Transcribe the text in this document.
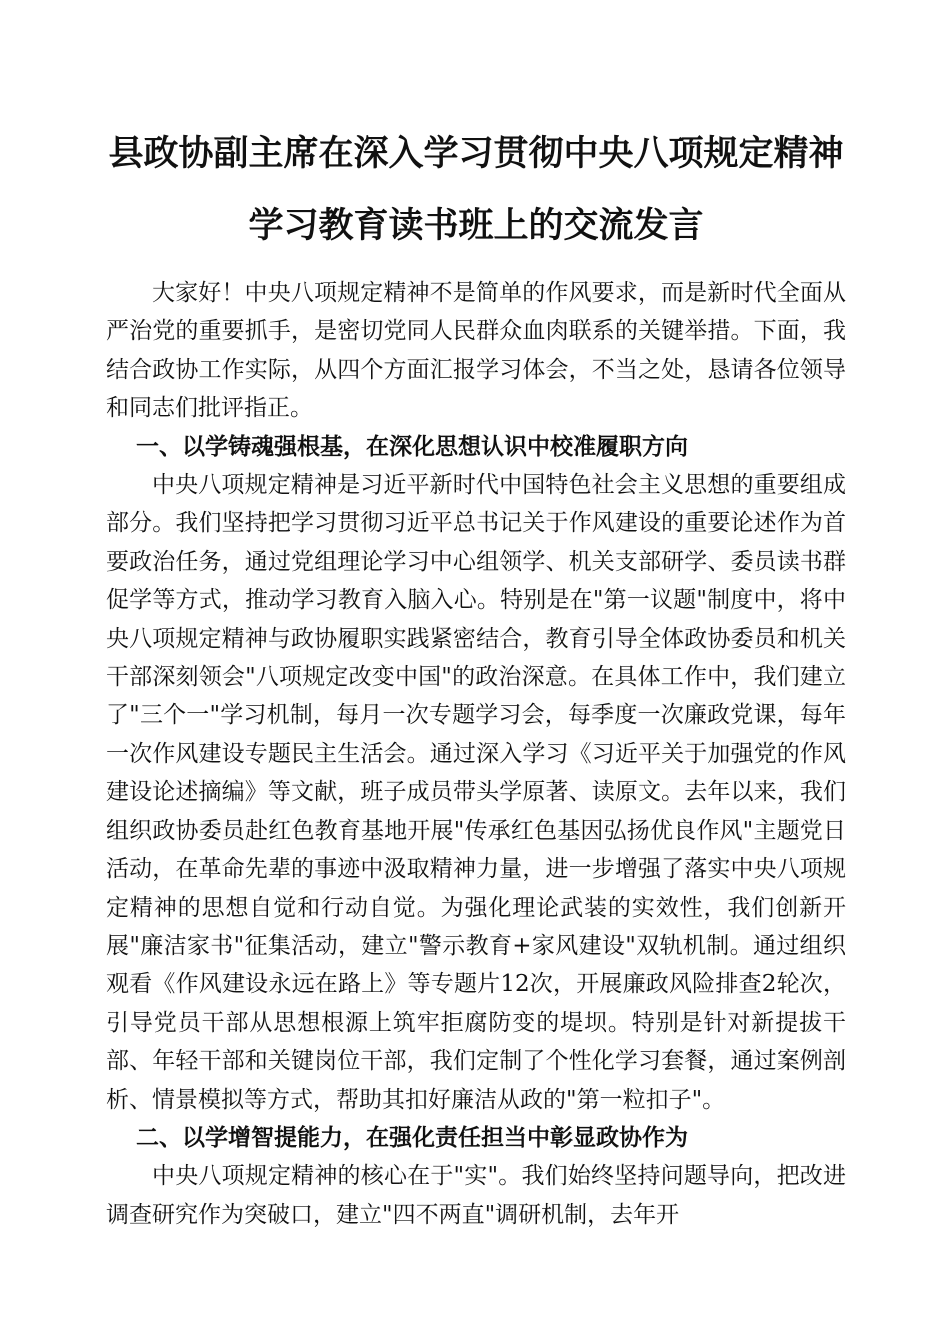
县政协副主席在深入学习贯彻中央八项规定精神
学习教育读书班上的交流发言

大家好！中央八项规定精神不是简单的作风要求，而是新时代全面从严治党的重要抓手，是密切党同人民群众血肉联系的关键举措。下面，我结合政协工作实际，从四个方面汇报学习体会，不当之处，恳请各位领导和同志们批评指正。

一、以学铸魂强根基，在深化思想认识中校准履职方向

中央八项规定精神是习近平新时代中国特色社会主义思想的重要组成部分。我们坚持把学习贯彻习近平总书记关于作风建设的重要论述作为首要政治任务，通过党组理论学习中心组领学、机关支部研学、委员读书群促学等方式，推动学习教育入脑入心。特别是在"第一议题"制度中，将中央八项规定精神与政协履职实践紧密结合，教育引导全体政协委员和机关干部深刻领会"八项规定改变中国"的政治深意。在具体工作中，我们建立了"三个一"学习机制，每月一次专题学习会，每季度一次廉政党课，每年一次作风建设专题民主生活会。通过深入学习《习近平关于加强党的作风建设论述摘编》等文献，班子成员带头学原著、读原文。去年以来，我们组织政协委员赴红色教育基地开展"传承红色基因弘扬优良作风"主题党日活动，在革命先辈的事迹中汲取精神力量，进一步增强了落实中央八项规定精神的思想自觉和行动自觉。为强化理论武装的实效性，我们创新开展"廉洁家书"征集活动，建立"警示教育+家风建设"双轨机制。通过组织观看《作风建设永远在路上》等专题片12次，开展廉政风险排查2轮次，引导党员干部从思想根源上筑牢拒腐防变的堤坝。特别是针对新提拔干部、年轻干部和关键岗位干部，我们定制了个性化学习套餐，通过案例剖析、情景模拟等方式，帮助其扣好廉洁从政的"第一粒扣子"。

二、以学增智提能力，在强化责任担当中彰显政协作为

中央八项规定精神的核心在于"实"。我们始终坚持问题导向，把改进调查研究作为突破口，建立"四不两直"调研机制，去年开
